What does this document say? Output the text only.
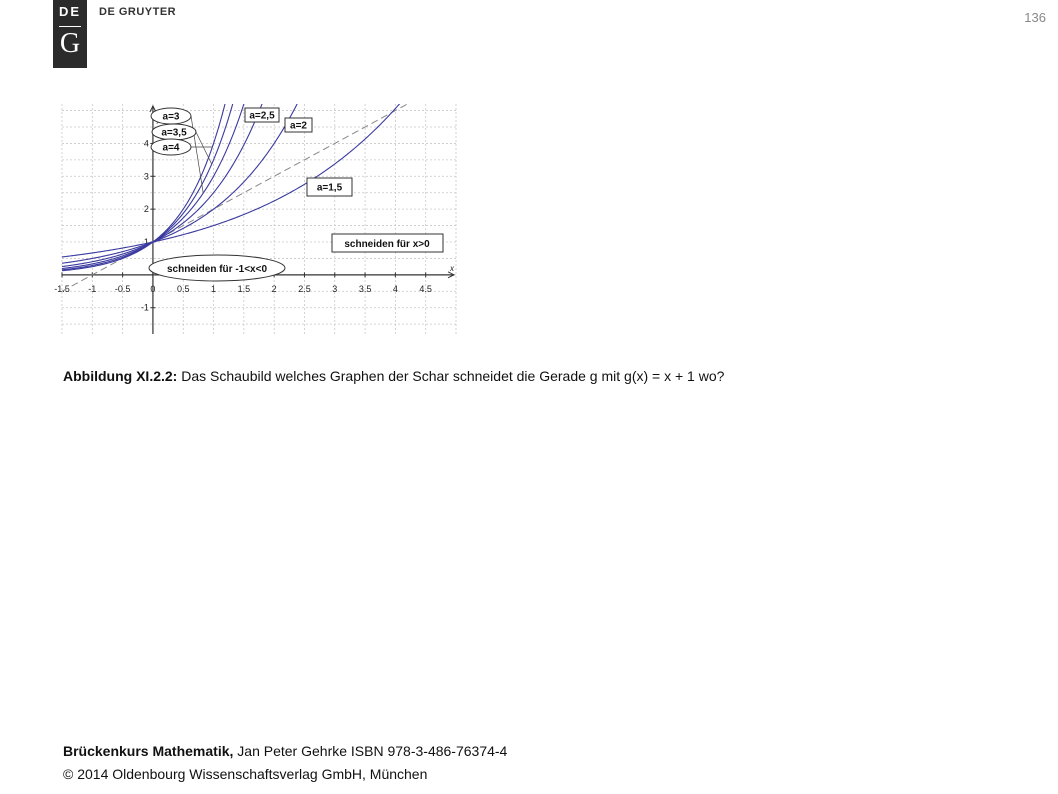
DE
G
DE GRUYTER	136
-1.5 -1 -0.5 0 0.5 1 1.5 2 2.5 3 3.5 4 4.5
-1
1
2
3
4
x
a=1,5
a=2
a=2,5
a=3
a=3,5
a=4
schneiden für x>0
schneiden für -1<x<0
Abbildung XI.2.2: Das Schaubild welches Graphen der Schar schneidet die Gerade g mit g(x) = x + 1 wo?
Brückenkurs Mathematik, Jan Peter Gehrke ISBN 978-3-486-76374-4
© 2014 Oldenbourg Wissenschaftsverlag GmbH, München
